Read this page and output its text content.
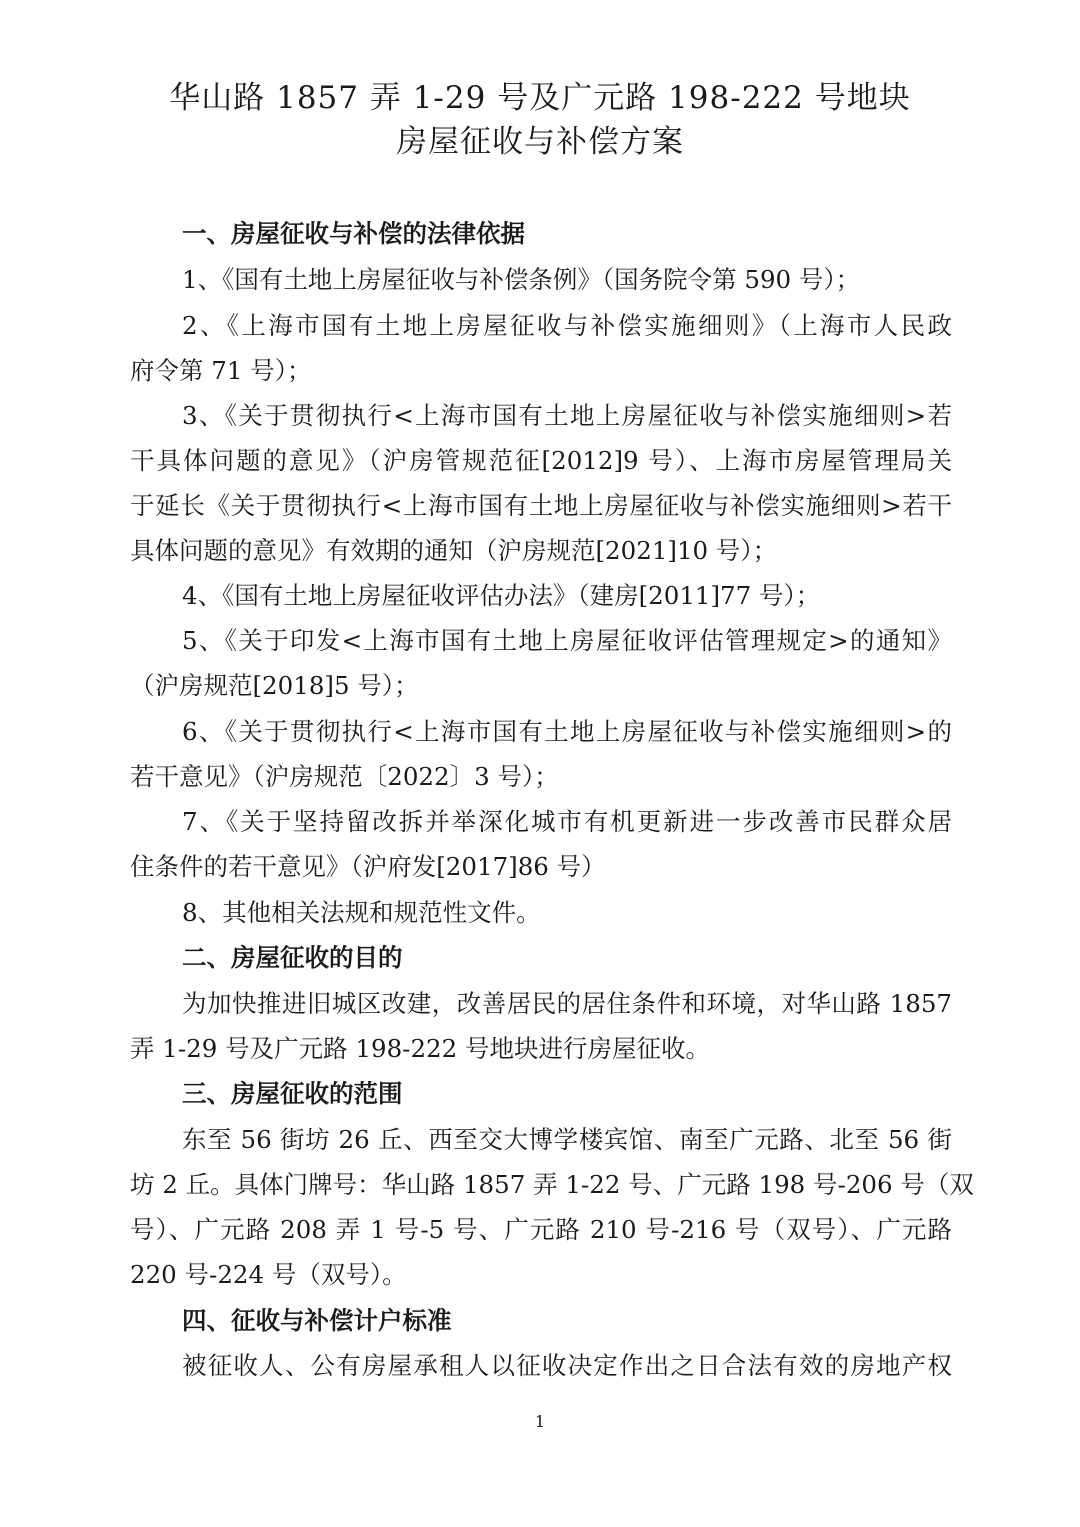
华山路 1857 弄 1-29 号及广元路 198-222 号地块
房屋征收与补偿方案
一、房屋征收与补偿的法律依据
1、《国有土地上房屋征收与补偿条例》（国务院令第 590 号）；
2、《上海市国有土地上房屋征收与补偿实施细则》（上海市人民政
府令第 71 号）；
3、《关于贯彻执行<上海市国有土地上房屋征收与补偿实施细则>若
干具体问题的意见》（沪房管规范征[2012]9 号）、上海市房屋管理局关
于延长《关于贯彻执行<上海市国有土地上房屋征收与补偿实施细则>若干
具体问题的意见》有效期的通知（沪房规范[2021]10 号）；
4、《国有土地上房屋征收评估办法》（建房[2011]77 号）；
5、《关于印发<上海市国有土地上房屋征收评估管理规定>的通知》
（沪房规范[2018]5 号）；
6、《关于贯彻执行<上海市国有土地上房屋征收与补偿实施细则>的
若干意见》（沪房规范〔2022〕3 号）；
7、《关于坚持留改拆并举深化城市有机更新进一步改善市民群众居
住条件的若干意见》（沪府发[2017]86 号）
8、其他相关法规和规范性文件。
二、房屋征收的目的
为加快推进旧城区改建，改善居民的居住条件和环境，对华山路 1857
弄 1-29 号及广元路 198-222 号地块进行房屋征收。
三、房屋征收的范围
东至 56 街坊 26 丘、西至交大博学楼宾馆、南至广元路、北至 56 街
坊 2 丘。具体门牌号：华山路 1857 弄 1-22 号、广元路 198 号-206 号（双
号）、广元路 208 弄 1 号-5 号、广元路 210 号-216 号（双号）、广元路
220 号-224 号（双号）。
四、征收与补偿计户标准
被征收人、公有房屋承租人以征收决定作出之日合法有效的房地产权
1
